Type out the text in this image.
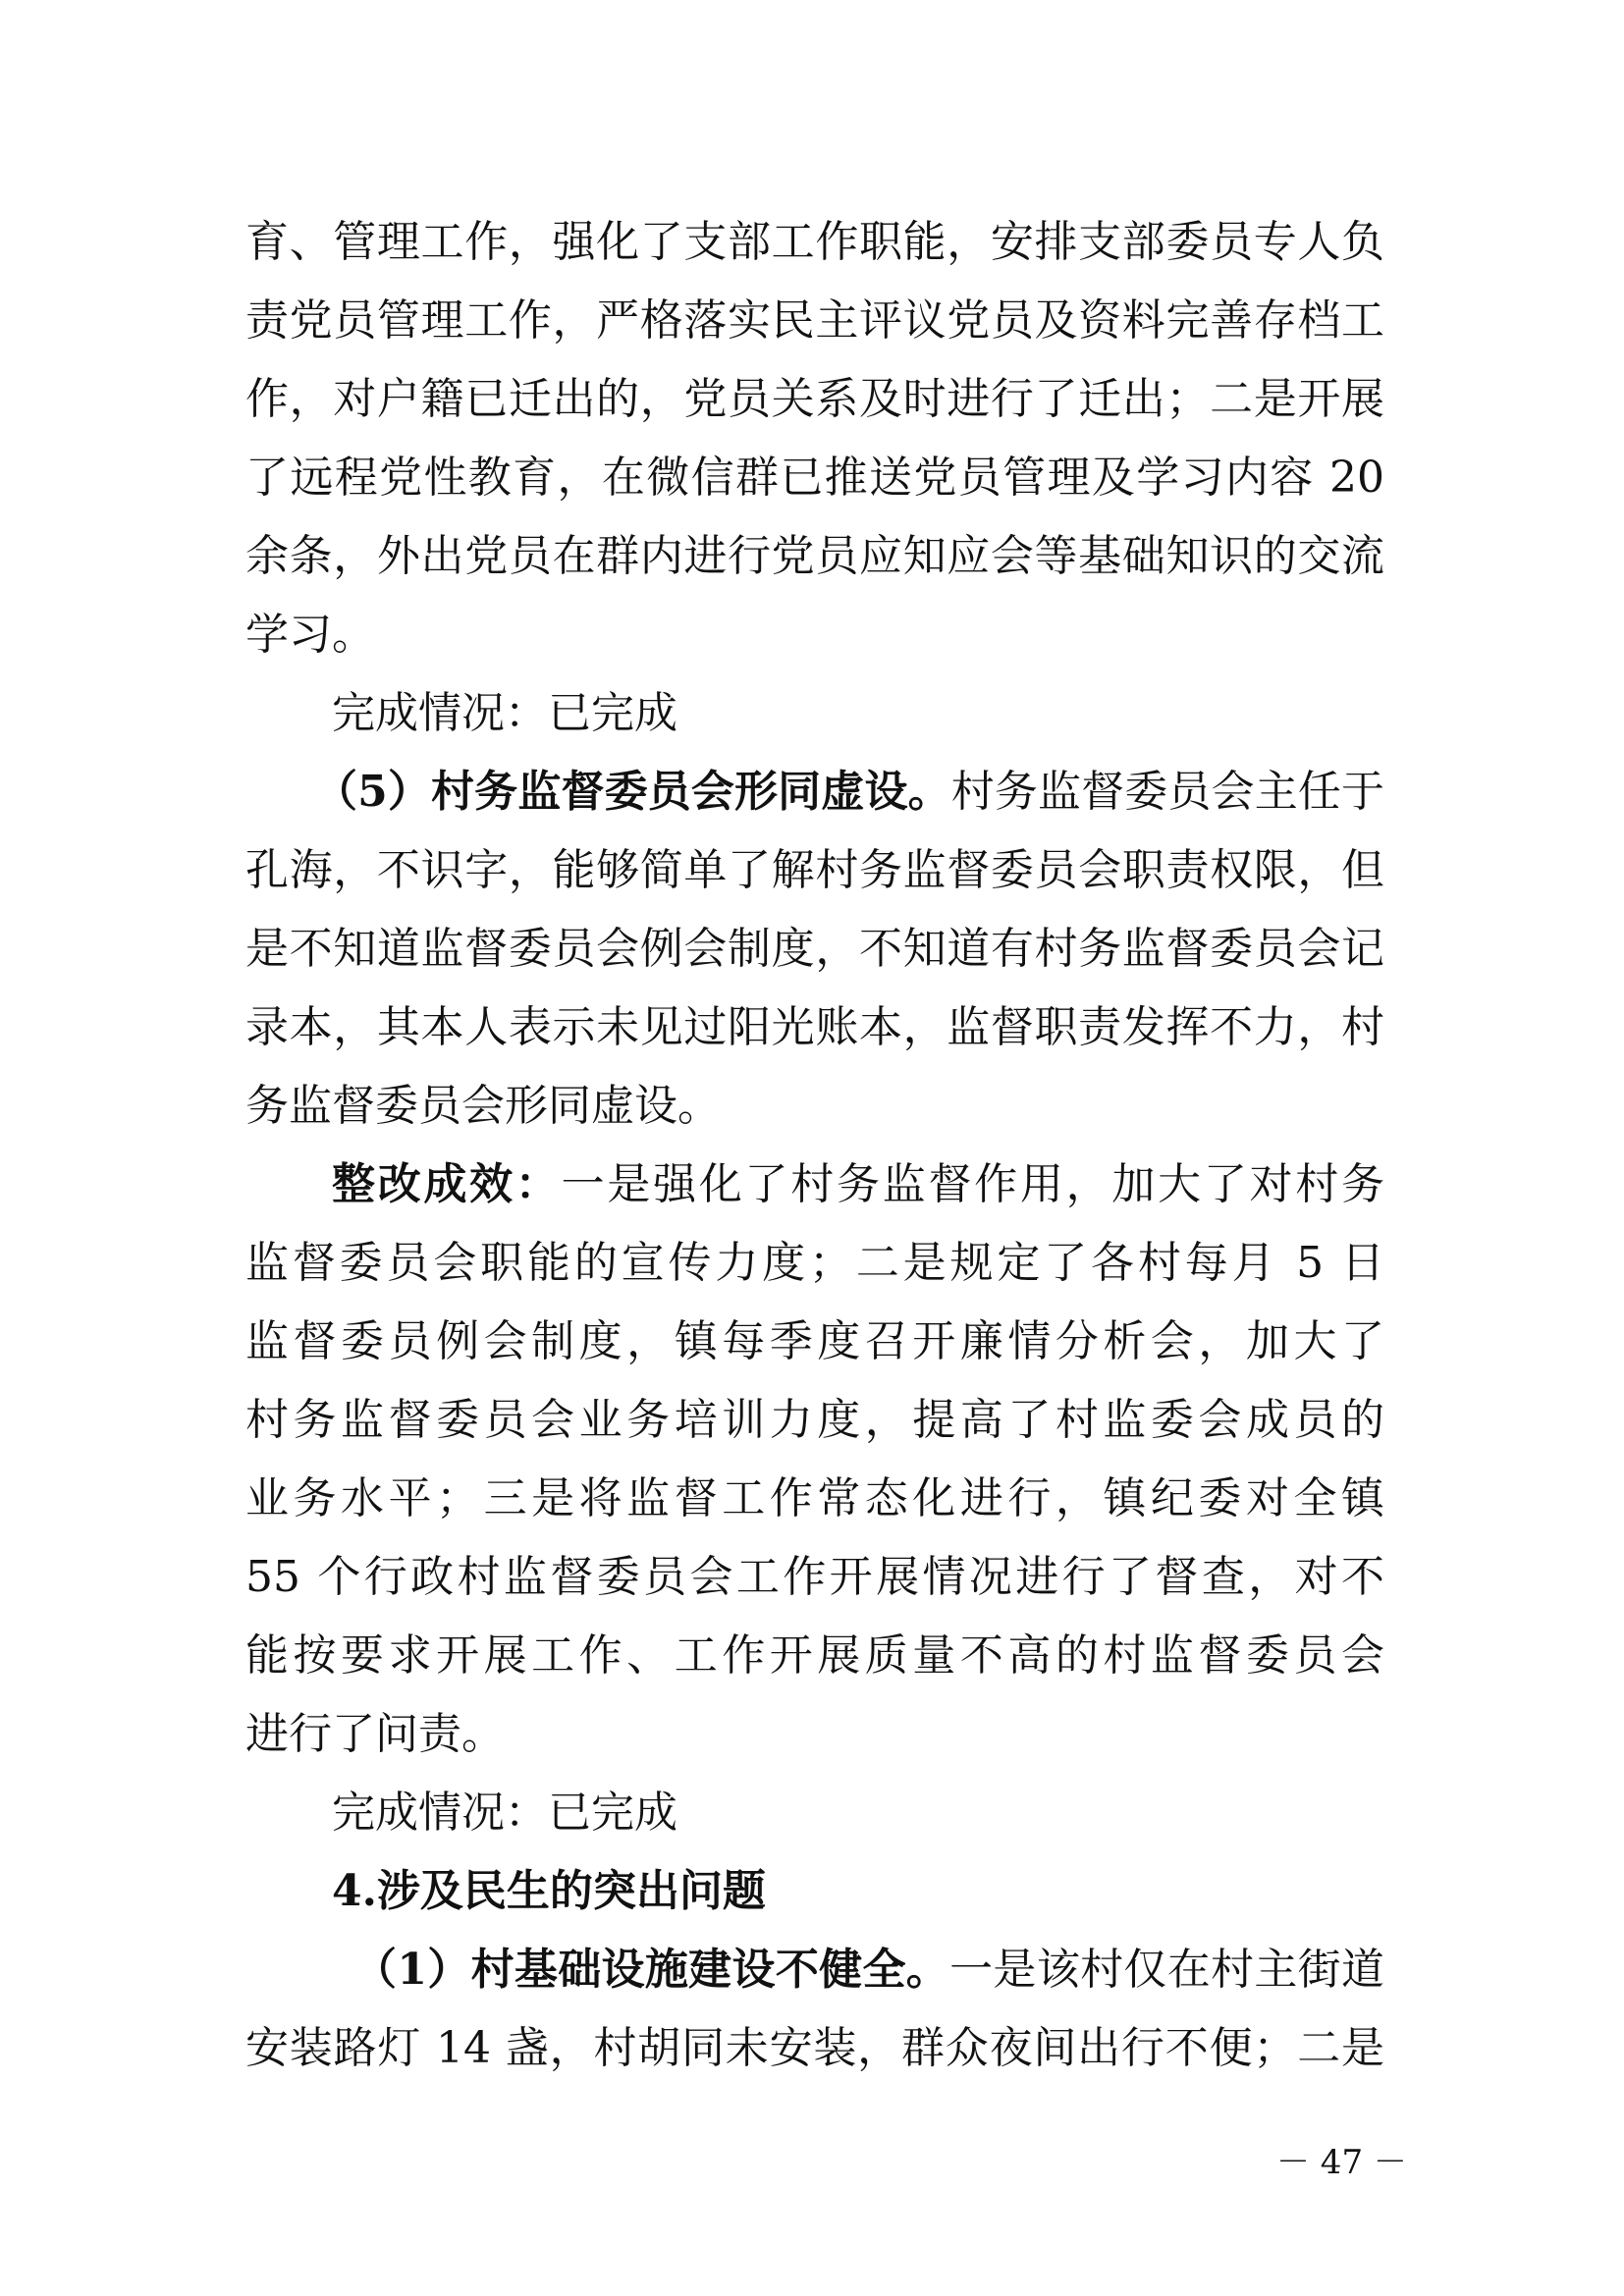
育、管理工作，强化了支部工作职能，安排支部委员专人负
责党员管理工作，严格落实民主评议党员及资料完善存档工
作，对户籍已迁出的，党员关系及时进行了迁出；二是开展
了远程党性教育，在微信群已推送党员管理及学习内容 20
余条，外出党员在群内进行党员应知应会等基础知识的交流
学习。
完成情况：已完成
（5）村务监督委员会形同虚设。村务监督委员会主任于
孔海，不识字，能够简单了解村务监督委员会职责权限，但
是不知道监督委员会例会制度，不知道有村务监督委员会记
录本，其本人表示未见过阳光账本，监督职责发挥不力，村
务监督委员会形同虚设。
整改成效：一是强化了村务监督作用，加大了对村务
监督委员会职能的宣传力度；二是规定了各村每月 5 日
监督委员例会制度，镇每季度召开廉情分析会，加大了
村务监督委员会业务培训力度，提高了村监委会成员的
业务水平；三是将监督工作常态化进行，镇纪委对全镇
55 个行政村监督委员会工作开展情况进行了督查，对不
能按要求开展工作、工作开展质量不高的村监督委员会
进行了问责。
完成情况：已完成
4.涉及民生的突出问题
（1）村基础设施建设不健全。一是该村仅在村主街道
安装路灯 14 盏，村胡同未安装，群众夜间出行不便；二是
－ 47 －
